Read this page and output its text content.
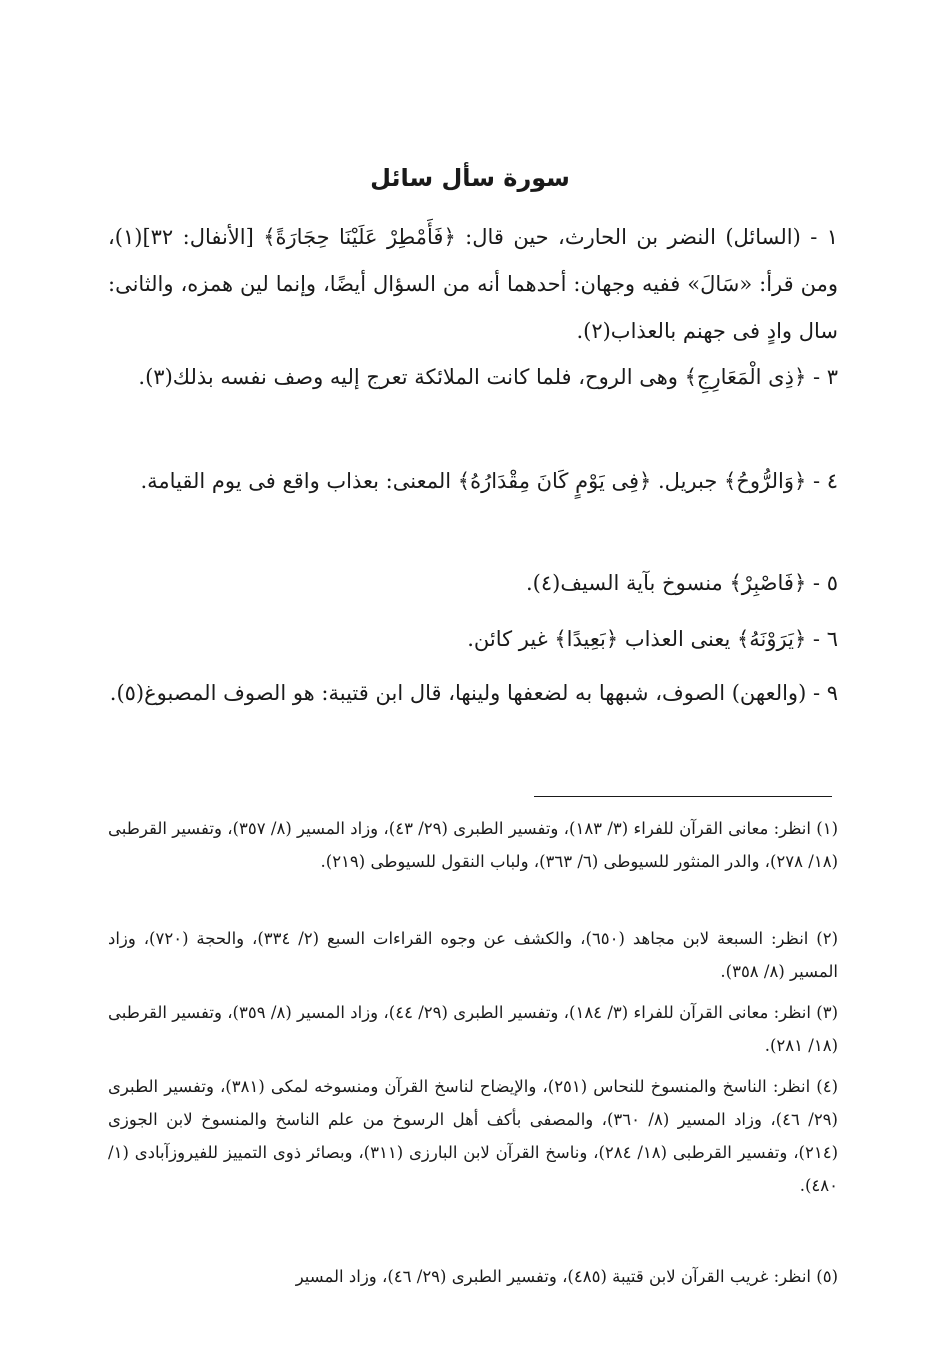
سورة سأل سائل
١ - (السائل) النضر بن الحارث، حين قال: ﴿فَأَمْطِرْ عَلَيْنَا حِجَارَةً﴾ [الأنفال: ٣٢](١)، ومن قرأ: «سَالَ» ففيه وجهان: أحدهما أنه من السؤال أيضًا، وإنما لين همزه، والثانى: سال وادٍ فى جهنم بالعذاب(٢).
٣ - ﴿ذِى الْمَعَارِجِ﴾ وهى الروح، فلما كانت الملائكة تعرج إليه وصف نفسه بذلك(٣).
٤ - ﴿وَالرُّوحُ﴾ جبريل. ﴿فِى يَوْمٍ كَانَ مِقْدَارُهُ﴾ المعنى: بعذاب واقع فى يوم القيامة.
٥ - ﴿فَاصْبِرْ﴾ منسوخ بآية السيف(٤).
٦ - ﴿يَرَوْنَهُ﴾ يعنى العذاب ﴿بَعِيدًا﴾ غير كائن.
٩ - (والعهن) الصوف، شبهها به لضعفها ولينها، قال ابن قتيبة: هو الصوف المصبوغ(٥).
(١) انظر: معانى القرآن للفراء (٣/ ١٨٣)، وتفسير الطبرى (٢٩/ ٤٣)، وزاد المسير (٨/ ٣٥٧)، وتفسير القرطبى (١٨/ ٢٧٨)، والدر المنثور للسيوطى (٦/ ٣٦٣)، ولباب النقول للسيوطى (٢١٩).
(٢) انظر: السبعة لابن مجاهد (٦٥٠)، والكشف عن وجوه القراءات السبع (٢/ ٣٣٤)، والحجة (٧٢٠)، وزاد المسير (٨/ ٣٥٨).
(٣) انظر: معانى القرآن للفراء (٣/ ١٨٤)، وتفسير الطبرى (٢٩/ ٤٤)، وزاد المسير (٨/ ٣٥٩)، وتفسير القرطبى (١٨/ ٢٨١).
(٤) انظر: الناسخ والمنسوخ للنحاس (٢٥١)، والإيضاح لناسخ القرآن ومنسوخه لمكى (٣٨١)، وتفسير الطبرى (٢٩/ ٤٦)، وزاد المسير (٨/ ٣٦٠)، والمصفى بأكف أهل الرسوخ من علم الناسخ والمنسوخ لابن الجوزى (٢١٤)، وتفسير القرطبى (١٨/ ٢٨٤)، وناسخ القرآن لابن البارزى (٣١١)، وبصائر ذوى التمييز للفيروزآبادى (١/ ٤٨٠).
(٥) انظر: غريب القرآن لابن قتيبة (٤٨٥)، وتفسير الطبرى (٢٩/ ٤٦)، وزاد المسير
